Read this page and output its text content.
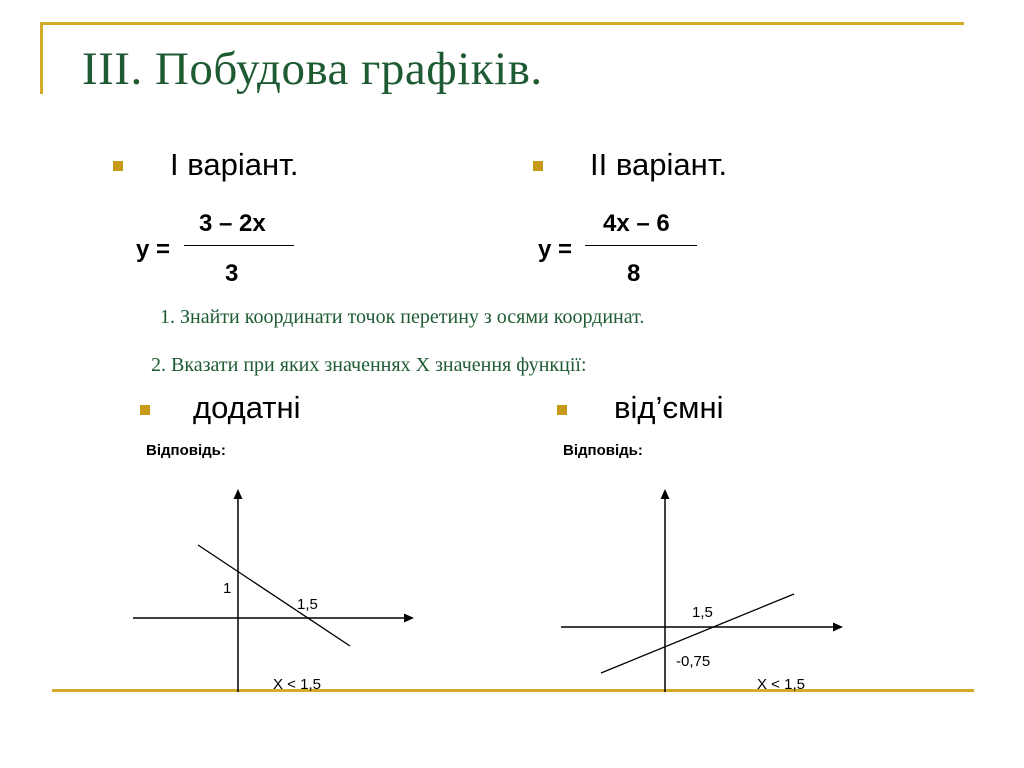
III. Побудова графіків.
I варіант.	II варіант.
y =
3 – 2x
3
y =
4x – 6
8
1. Знайти координати точок перетину з осями координат.
2. Вказати при яких значеннях X значення функції:
додатні	від’ємні
Відповідь:	Відповідь:
1
1,5
X < 1,5
1,5
-0,75
X < 1,5
